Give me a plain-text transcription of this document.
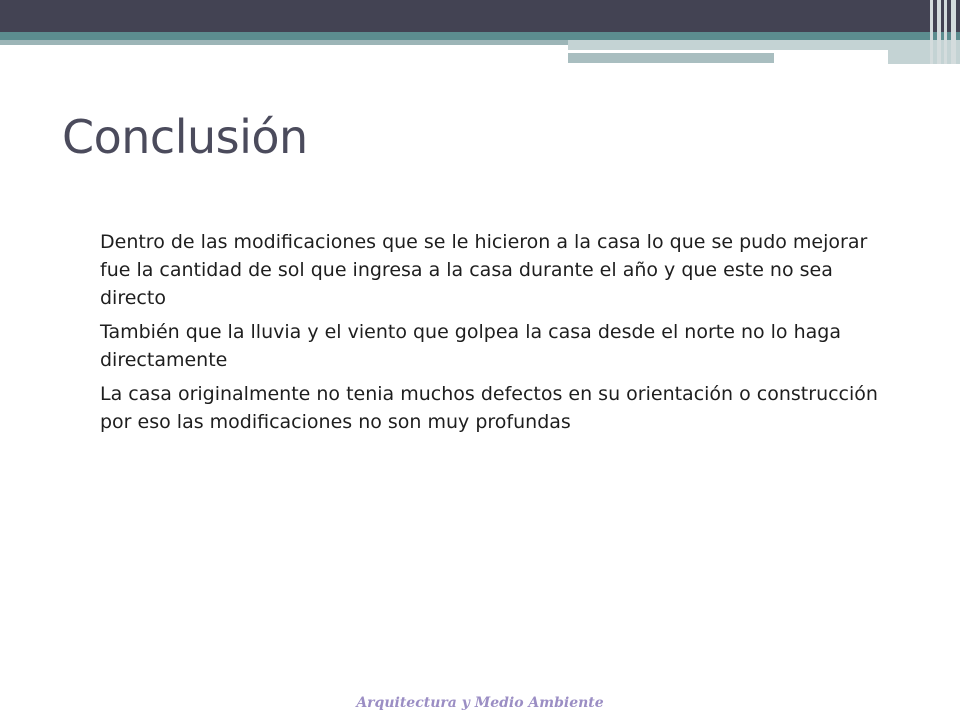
Conclusión

Dentro de las modificaciones que se le hicieron a la casa lo que se pudo mejorar fue la cantidad de sol que ingresa a la casa durante el año y que este no sea directo

También que la lluvia y el viento que golpea la casa desde el norte no lo haga directamente

La casa originalmente no tenia muchos defectos en su orientación o construcción por eso las modificaciones no son muy profundas

Arquitectura y Medio Ambiente
